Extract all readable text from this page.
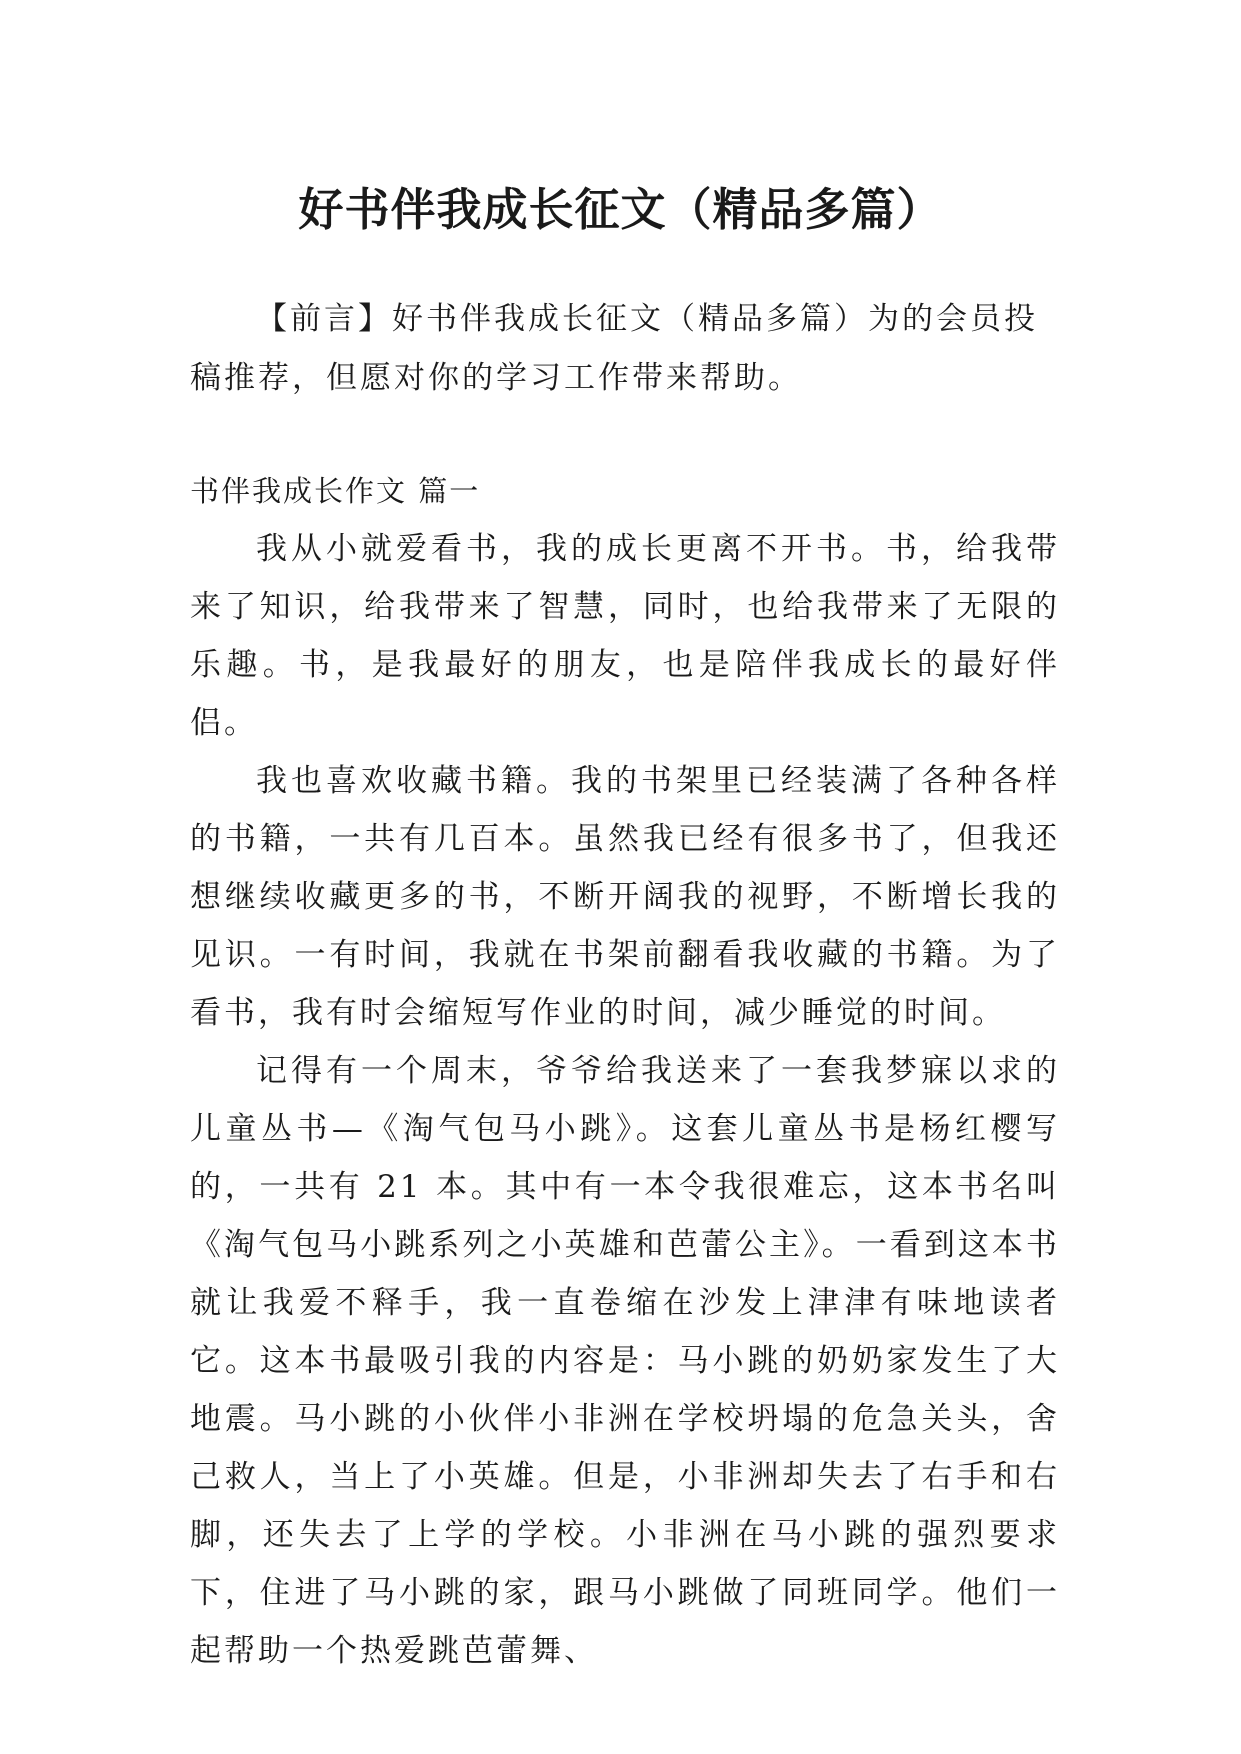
好书伴我成长征文（精品多篇）

【前言】好书伴我成长征文（精品多篇）为的会员投稿推荐，但愿对你的学习工作带来帮助。

书伴我成长作文 篇一

我从小就爱看书，我的成长更离不开书。书，给我带来了知识，给我带来了智慧，同时，也给我带来了无限的乐趣。书，是我最好的朋友，也是陪伴我成长的最好伴侣。

我也喜欢收藏书籍。我的书架里已经装满了各种各样的书籍，一共有几百本。虽然我已经有很多书了，但我还想继续收藏更多的书，不断开阔我的视野，不断增长我的见识。一有时间，我就在书架前翻看我收藏的书籍。为了看书，我有时会缩短写作业的时间，减少睡觉的时间。

记得有一个周末，爷爷给我送来了一套我梦寐以求的儿童丛书—《淘气包马小跳》。这套儿童丛书是杨红樱写的，一共有 21 本。其中有一本令我很难忘，这本书名叫《淘气包马小跳系列之小英雄和芭蕾公主》。一看到这本书就让我爱不释手，我一直卷缩在沙发上津津有味地读者它。这本书最吸引我的内容是：马小跳的奶奶家发生了大地震。马小跳的小伙伴小非洲在学校坍塌的危急关头，舍己救人，当上了小英雄。但是，小非洲却失去了右手和右脚，还失去了上学的学校。小非洲在马小跳的强烈要求下，住进了马小跳的家，跟马小跳做了同班同学。他们一起帮助一个热爱跳芭蕾舞、
